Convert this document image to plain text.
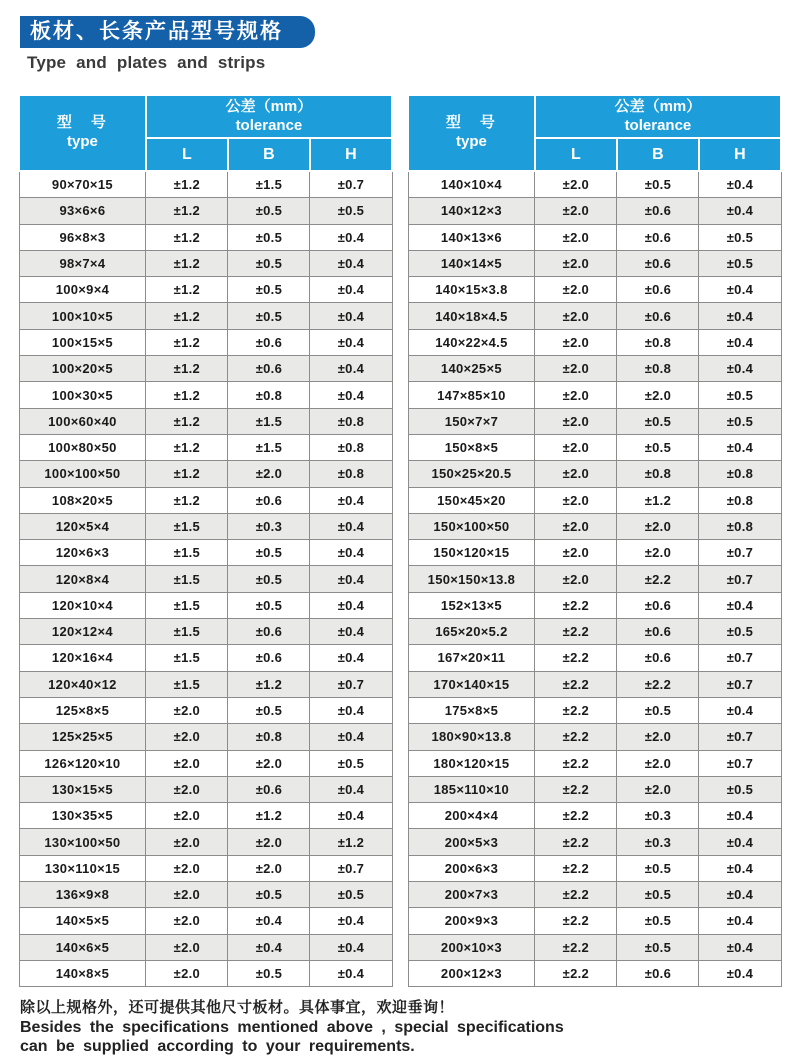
板材、长条产品型号规格
Type and plates and strips
型　号
type

公差（mm）
tolerance

	L	B	H
90×70×15	±1.2	±1.5	±0.7
93×6×6	±1.2	±0.5	±0.5
96×8×3	±1.2	±0.5	±0.4
98×7×4	±1.2	±0.5	±0.4
100×9×4	±1.2	±0.5	±0.4
100×10×5	±1.2	±0.5	±0.4
100×15×5	±1.2	±0.6	±0.4
100×20×5	±1.2	±0.6	±0.4
100×30×5	±1.2	±0.8	±0.4
100×60×40	±1.2	±1.5	±0.8
100×80×50	±1.2	±1.5	±0.8
100×100×50	±1.2	±2.0	±0.8
108×20×5	±1.2	±0.6	±0.4
120×5×4	±1.5	±0.3	±0.4
120×6×3	±1.5	±0.5	±0.4
120×8×4	±1.5	±0.5	±0.4
120×10×4	±1.5	±0.5	±0.4
120×12×4	±1.5	±0.6	±0.4
120×16×4	±1.5	±0.6	±0.4
120×40×12	±1.5	±1.2	±0.7
125×8×5	±2.0	±0.5	±0.4
125×25×5	±2.0	±0.8	±0.4
126×120×10	±2.0	±2.0	±0.5
130×15×5	±2.0	±0.6	±0.4
130×35×5	±2.0	±1.2	±0.4
130×100×50	±2.0	±2.0	±1.2
130×110×15	±2.0	±2.0	±0.7
136×9×8	±2.0	±0.5	±0.5
140×5×5	±2.0	±0.4	±0.4
140×6×5	±2.0	±0.4	±0.4
140×8×5	±2.0	±0.5	±0.4
型　号
type

公差（mm）
tolerance

	L	B	H
140×10×4	±2.0	±0.5	±0.4
140×12×3	±2.0	±0.6	±0.4
140×13×6	±2.0	±0.6	±0.5
140×14×5	±2.0	±0.6	±0.5
140×15×3.8	±2.0	±0.6	±0.4
140×18×4.5	±2.0	±0.6	±0.4
140×22×4.5	±2.0	±0.8	±0.4
140×25×5	±2.0	±0.8	±0.4
147×85×10	±2.0	±2.0	±0.5
150×7×7	±2.0	±0.5	±0.5
150×8×5	±2.0	±0.5	±0.4
150×25×20.5	±2.0	±0.8	±0.8
150×45×20	±2.0	±1.2	±0.8
150×100×50	±2.0	±2.0	±0.8
150×120×15	±2.0	±2.0	±0.7
150×150×13.8	±2.0	±2.2	±0.7
152×13×5	±2.2	±0.6	±0.4
165×20×5.2	±2.2	±0.6	±0.5
167×20×11	±2.2	±0.6	±0.7
170×140×15	±2.2	±2.2	±0.7
175×8×5	±2.2	±0.5	±0.4
180×90×13.8	±2.2	±2.0	±0.7
180×120×15	±2.2	±2.0	±0.7
185×110×10	±2.2	±2.0	±0.5
200×4×4	±2.2	±0.3	±0.4
200×5×3	±2.2	±0.3	±0.4
200×6×3	±2.2	±0.5	±0.4
200×7×3	±2.2	±0.5	±0.4
200×9×3	±2.2	±0.5	±0.4
200×10×3	±2.2	±0.5	±0.4
200×12×3	±2.2	±0.6	±0.4
除以上规格外，还可提供其他尺寸板材。具体事宜，欢迎垂询！
Besides the specifications mentioned above , special specifications
can be supplied according to your requirements.
